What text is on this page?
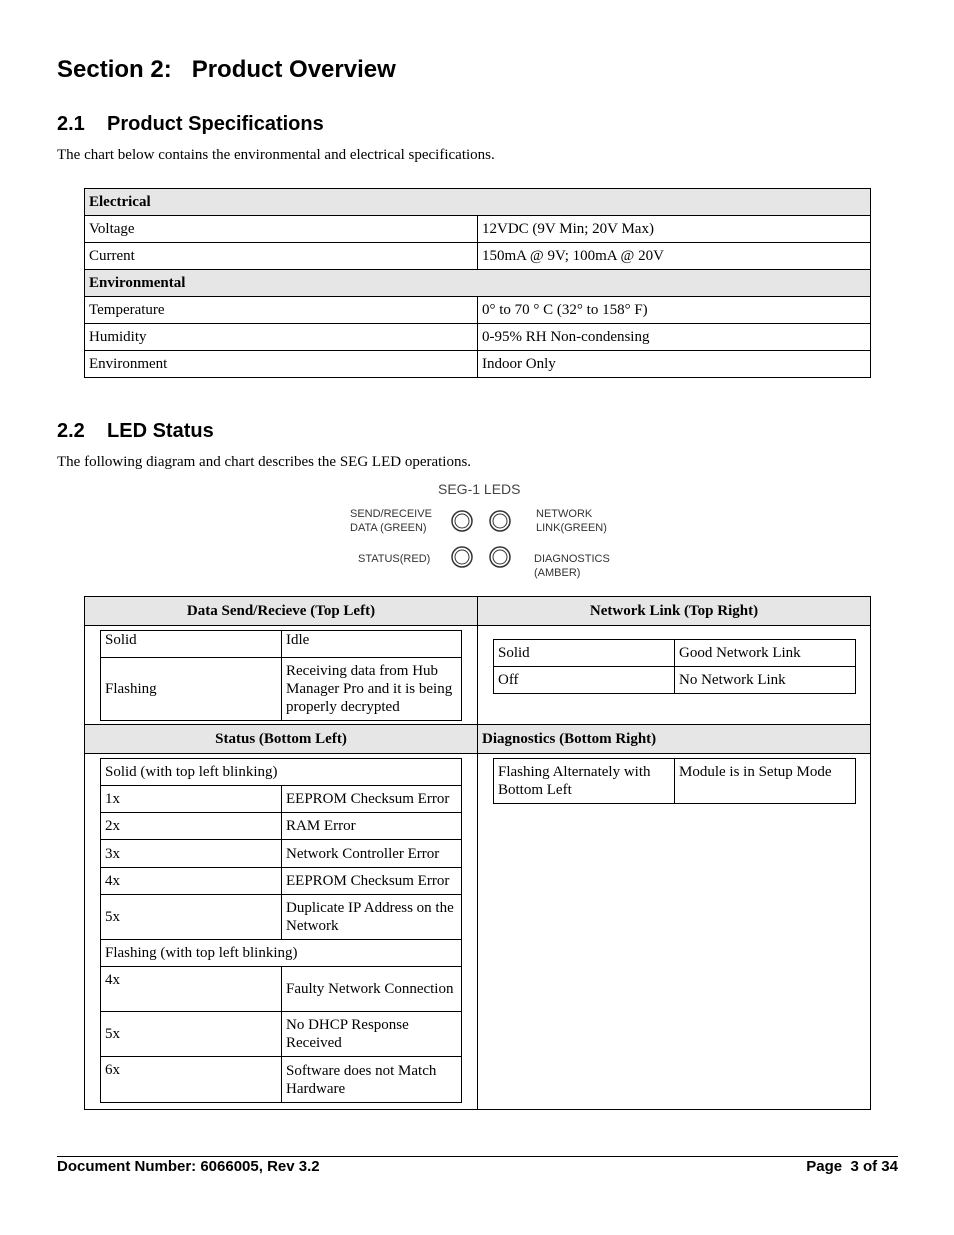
Section 2:   Product Overview
2.1    Product Specifications
The chart below contains the environmental and electrical specifications.
Electrical	
Voltage	12VDC (9V Min; 20V Max)
Current	150mA @ 9V; 100mA @ 20V
Environmental	
Temperature	0° to 70 ° C (32° to 158° F)
Humidity	0-95% RH Non-condensing
Environment	Indoor Only
2.2    LED Status
The following diagram and chart describes the SEG LED operations.
SEG-1 LEDS
SEND/RECEIVE
DATA (GREEN)
NETWORK
LINK(GREEN)
STATUS(RED)	DIAGNOSTICS
(AMBER)
Data Send/Recieve (Top Left)	Network Link (Top Right)

Solid	Idle
Flashing	Receiving data from Hub Manager Pro and it is being properly decrypted

Solid	Good Network Link
Off	No Network Link

Status (Bottom Left)	Diagnostics (Bottom Right)

Solid (with top left blinking)
1x	EEPROM Checksum Error
2x	RAM Error
3x	Network Controller Error
4x	EEPROM Checksum Error
5x	Duplicate IP Address on the Network
Flashing (with top left blinking)
4x	Faulty Network Connection
5x	No DHCP Response Received
6x	Software does not Match Hardware

Flashing Alternately with Bottom Left	Module is in Setup Mode
Document Number: 6066005, Rev 3.2	Page  3 of 34
